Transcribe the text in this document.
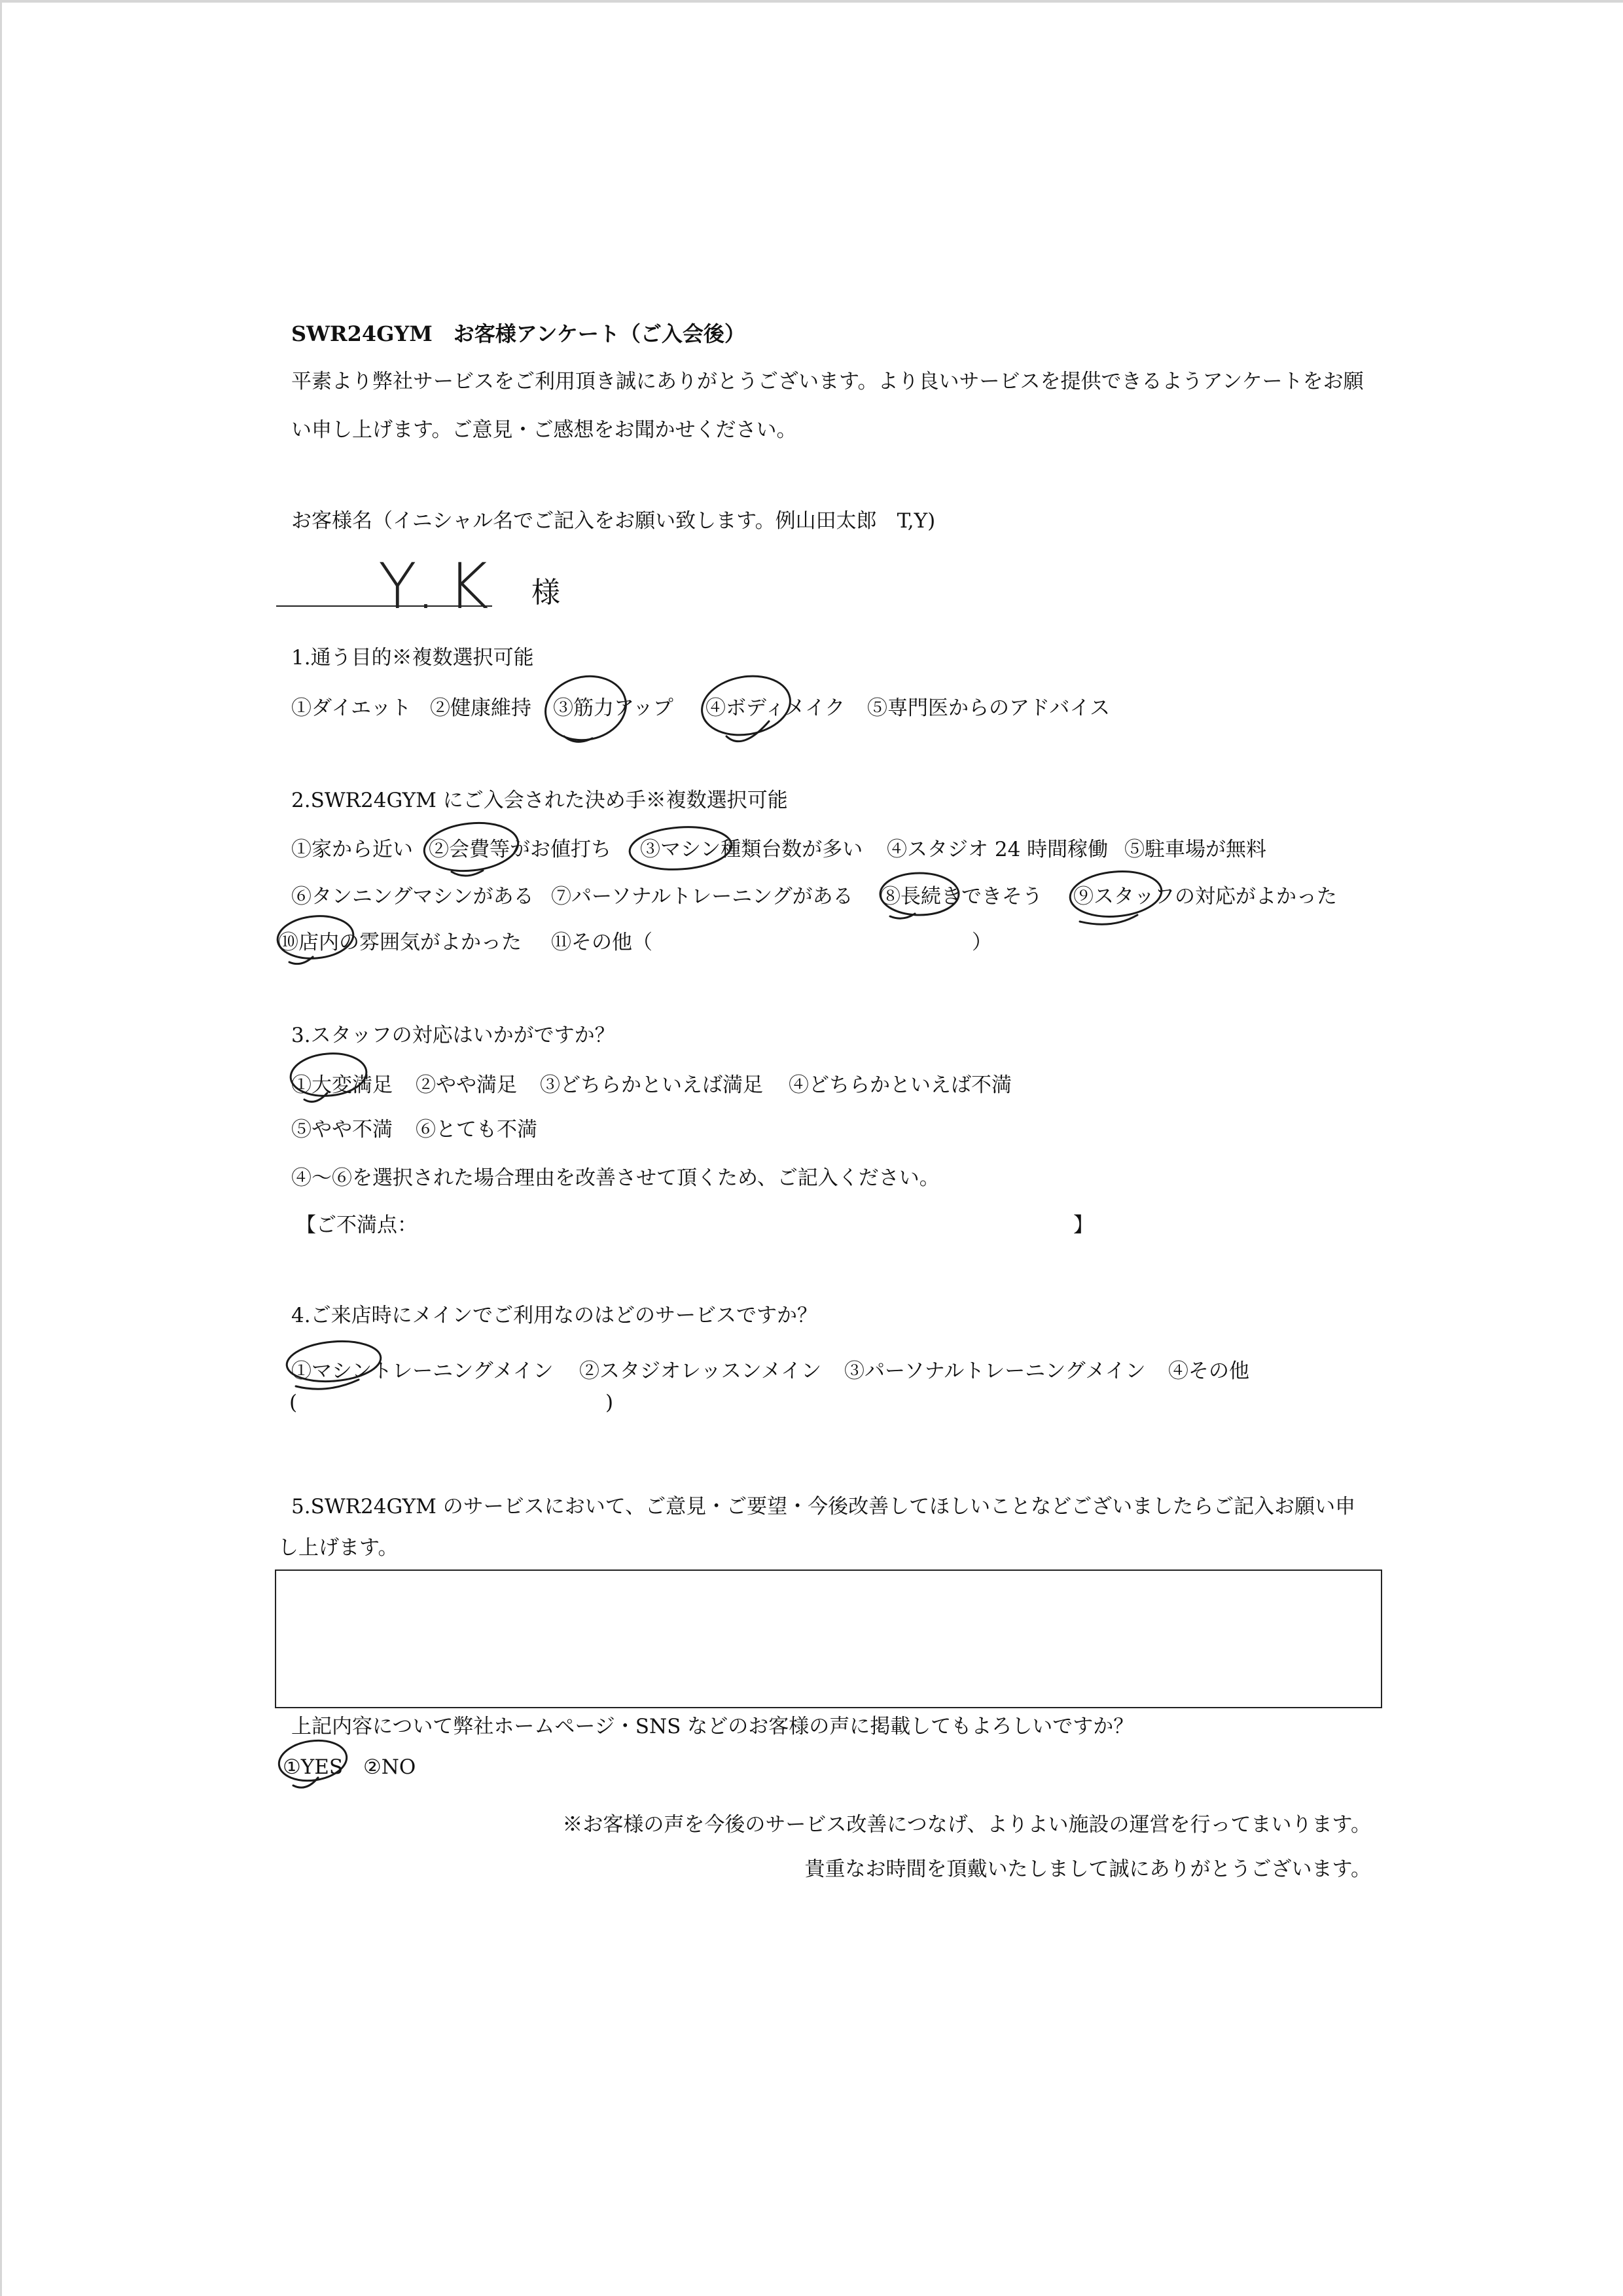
SWR24GYM　お客様アンケート（ご入会後）
平素より弊社サービスをご利用頂き誠にありがとうございます。より良いサービスを提供できるようアンケートをお願
い申し上げます。ご意見・ご感想をお聞かせください。
お客様名（イニシャル名でご記入をお願い致します。例山田太郎　T,Y)
Y.K 様
1.通う目的※複数選択可能
①ダイエット ②健康維持 ③筋力アップ ④ボディメイク ⑤専門医からのアドバイス
2.SWR24GYM にご入会された決め手※複数選択可能
①家から近い ②会費等がお値打ち ③マシン種類台数が多い ④スタジオ 24 時間稼働 ⑤駐車場が無料
⑥タンニングマシンがある ⑦パーソナルトレーニングがある ⑧長続きできそう ⑨スタッフの対応がよかった
⑩店内の雰囲気がよかった ⑪その他（	）
3.スタッフの対応はいかがですか？
①大変満足 ②やや満足 ③どちらかといえば満足 ④どちらかといえば不満
⑤やや不満 ⑥とても不満
④～⑥を選択された場合理由を改善させて頂くため、ご記入ください。
【ご不満点：	】
4.ご来店時にメインでご利用なのはどのサービスですか？
①マシントレーニングメイン ②スタジオレッスンメイン ③パーソナルトレーニングメイン ④その他
(	)
5.SWR24GYM のサービスにおいて、ご意見・ご要望・今後改善してほしいことなどございましたらご記入お願い申
し上げます。
上記内容について弊社ホームページ・SNS などのお客様の声に掲載してもよろしいですか？
①YES ②NO
※お客様の声を今後のサービス改善につなげ、よりよい施設の運営を行ってまいります。
貴重なお時間を頂戴いたしまして誠にありがとうございます。
